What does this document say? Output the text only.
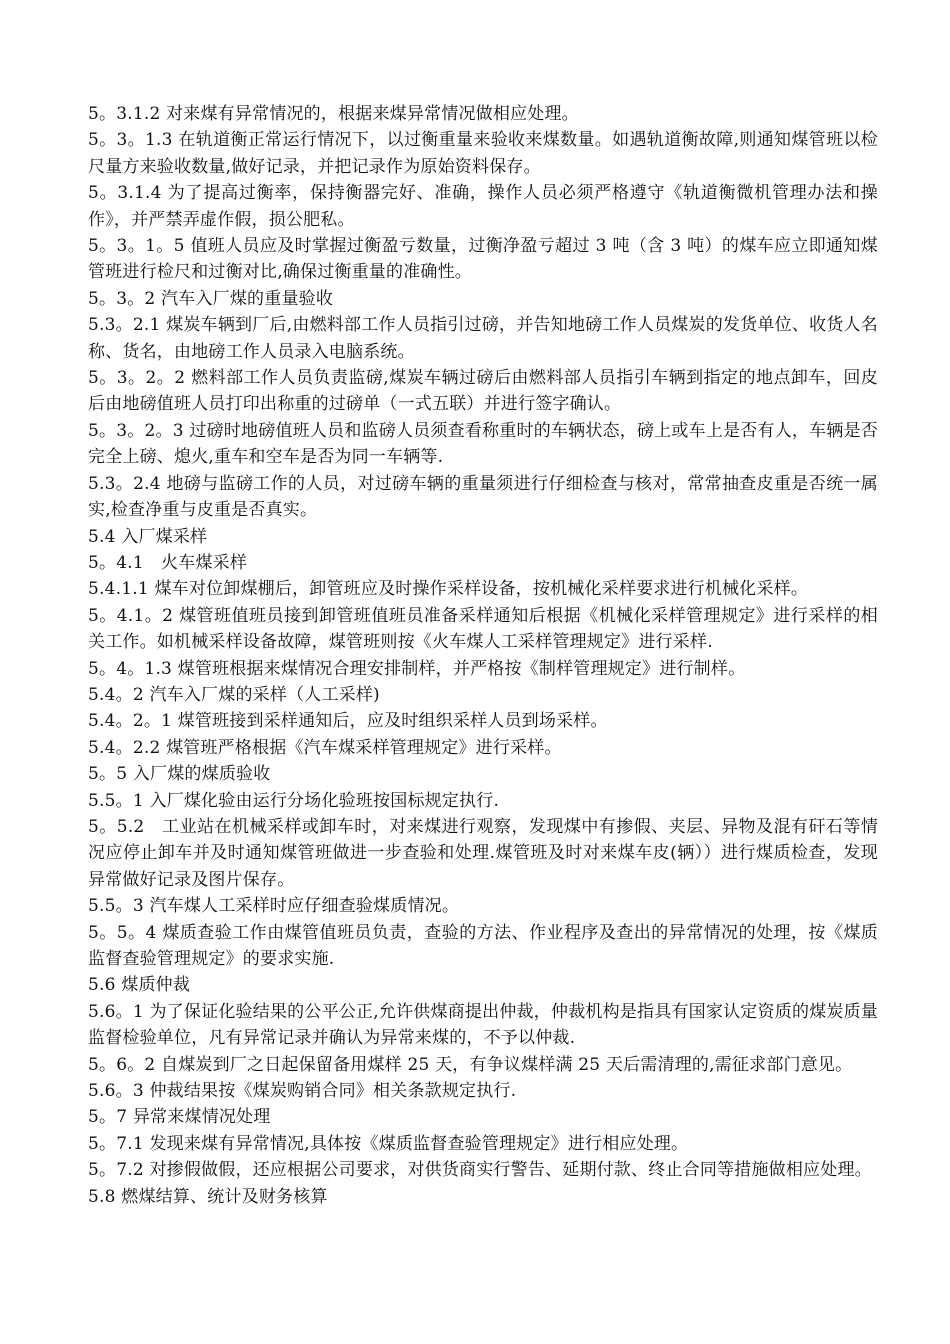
5。3.1.2 对来煤有异常情况的，根据来煤异常情况做相应处理。

5。3。1.3 在轨道衡正常运行情况下，以过衡重量来验收来煤数量。如遇轨道衡故障,则通知煤管班以检尺量方来验收数量,做好记录，并把记录作为原始资料保存。

5。3.1.4 为了提高过衡率，保持衡器完好、准确，操作人员必须严格遵守《轨道衡微机管理办法和操作》，并严禁弄虚作假，损公肥私。

5。3。1。5 值班人员应及时掌握过衡盈亏数量，过衡净盈亏超过 3 吨（含 3 吨）的煤车应立即通知煤管班进行检尺和过衡对比,确保过衡重量的准确性。

5。3。2 汽车入厂煤的重量验收

5.3。2.1 煤炭车辆到厂后,由燃料部工作人员指引过磅，并告知地磅工作人员煤炭的发货单位、收货人名称、货名，由地磅工作人员录入电脑系统。

5。3。2。2 燃料部工作人员负责监磅,煤炭车辆过磅后由燃料部人员指引车辆到指定的地点卸车，回皮后由地磅值班人员打印出称重的过磅单（一式五联）并进行签字确认。

5。3。2。3 过磅时地磅值班人员和监磅人员须查看称重时的车辆状态，磅上或车上是否有人，车辆是否完全上磅、熄火,重车和空车是否为同一车辆等.

5.3。2.4 地磅与监磅工作的人员，对过磅车辆的重量须进行仔细检查与核对，常常抽查皮重是否统一属实,检查净重与皮重是否真实。

5.4 入厂煤采样

5。4.1　火车煤采样

5.4.1.1 煤车对位卸煤棚后，卸管班应及时操作采样设备，按机械化采样要求进行机械化采样。

5。4.1。2 煤管班值班员接到卸管班值班员准备采样通知后根据《机械化采样管理规定》进行采样的相关工作。如机械采样设备故障，煤管班则按《火车煤人工采样管理规定》进行采样.

5。4。1.3 煤管班根据来煤情况合理安排制样，并严格按《制样管理规定》进行制样。

5.4。2 汽车入厂煤的采样（人工采样)

5.4。2。1 煤管班接到采样通知后，应及时组织采样人员到场采样。

5.4。2.2 煤管班严格根据《汽车煤采样管理规定》进行采样。

5。5 入厂煤的煤质验收

5.5。1 入厂煤化验由运行分场化验班按国标规定执行.

5。5.2　工业站在机械采样或卸车时，对来煤进行观察，发现煤中有掺假、夹层、异物及混有矸石等情况应停止卸车并及时通知煤管班做进一步查验和处理.煤管班及时对来煤车皮(辆））进行煤质检查，发现异常做好记录及图片保存。

5.5。3 汽车煤人工采样时应仔细查验煤质情况。

5。5。4 煤质查验工作由煤管值班员负责，查验的方法、作业程序及查出的异常情况的处理，按《煤质监督查验管理规定》的要求实施.

5.6 煤质仲裁

5.6。1 为了保证化验结果的公平公正,允许供煤商提出仲裁，仲裁机构是指具有国家认定资质的煤炭质量监督检验单位，凡有异常记录并确认为异常来煤的，不予以仲裁.

5。6。2 自煤炭到厂之日起保留备用煤样 25 天，有争议煤样满 25 天后需清理的,需征求部门意见。

5.6。3 仲裁结果按《煤炭购销合同》相关条款规定执行.

5。7 异常来煤情况处理

5。7.1 发现来煤有异常情况,具体按《煤质监督查验管理规定》进行相应处理。

5。7.2 对掺假做假，还应根据公司要求，对供货商实行警告、延期付款、终止合同等措施做相应处理。

5.8 燃煤结算、统计及财务核算
